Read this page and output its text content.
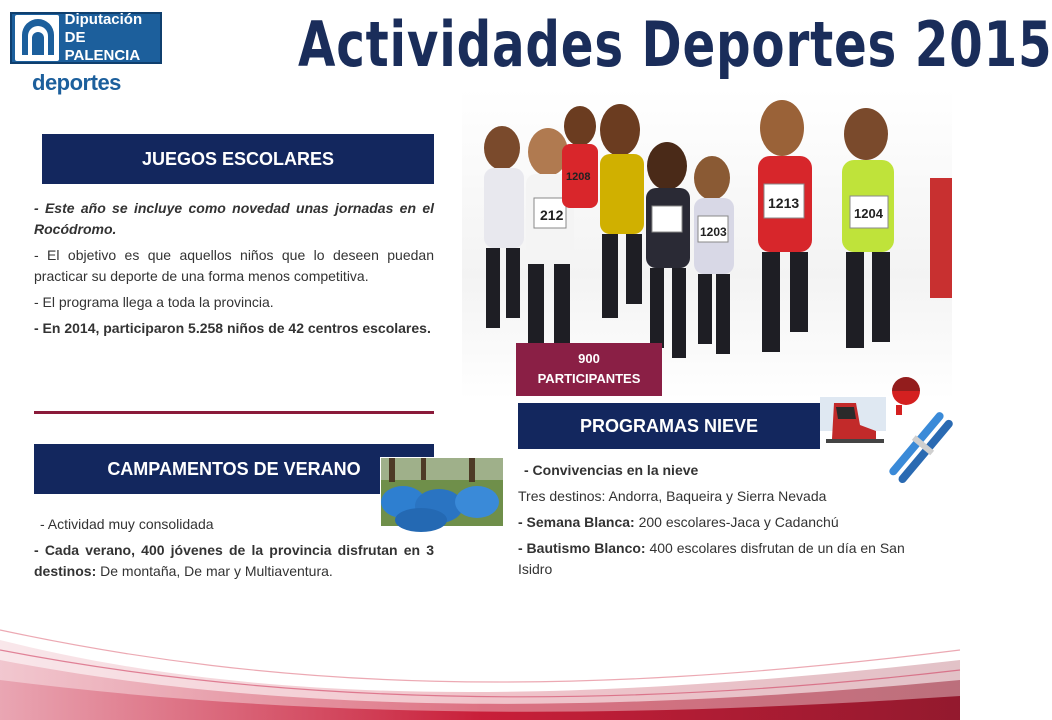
Diputación
DE PALENCIA
deportes
Actividades Deportes 2015
JUEGOS ESCOLARES

- Este año se incluye como novedad unas jornadas en el Rocódromo.

- El objetivo es que aquellos niños que lo deseen puedan practicar su deporte de una forma menos competitiva.

- El programa llega a toda la provincia.

- En 2014, participaron 5.258 niños de 42 centros escolares.

CAMPAMENTOS DE VERANO

- Actividad muy consolidada

- Cada verano, 400 jóvenes de la provincia disfrutan en 3 destinos: De montaña, De mar y Multiaventura.

212
1203
1213
1204
1208
900
PARTICIPANTES
PROGRAMAS NIEVE

- Convivencias en la nieve

Tres destinos: Andorra, Baqueira y Sierra Nevada

- Semana Blanca: 200 escolares-Jaca y Cadanchú

- Bautismo Blanco: 400 escolares disfrutan de un día en San Isidro
